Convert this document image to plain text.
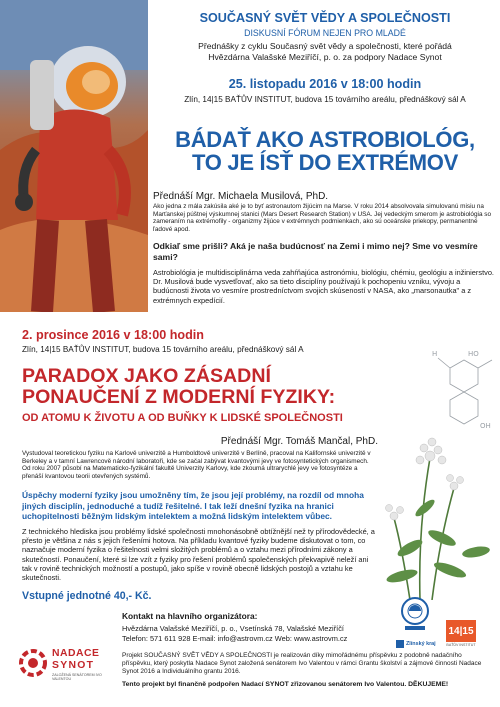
SOUČASNÝ SVĚT VĚDY A SPOLEČNOSTI
DISKUSNÍ FÓRUM NEJEN PRO MLADÉ
Přednášky z cyklu Současný svět vědy a společnosti, které pořádá
Hvězdárna Valašské Meziříčí, p. o. za podpory Nadace Synot
25. listopadu 2016 v 18:00 hodin
Zlín, 14|15 BAŤŮV INSTITUT, budova 15 továrního areálu, přednáškový sál A
BÁDAŤ AKO ASTROBIOLÓG,
TO JE ÍSŤ DO EXTRÉMOV
Přednáší Mgr. Michaela Musilová, PhD.

Ako jedna z mála zakúsila aké je to byť astronautom žijúcim na Marse. V roku 2014 absolvovala simulovanú misiu na Marťanskej púštnej výskumnej stanici (Mars Desert Research Station) v USA. Jej vedeckým smerom je astrobiológia so zameraním na extrémofily - organizmy žijúce v extrémnych podmienkach, ako sú oceánske priekopy, permanentné ľadové apod.

Odkiaľ sme prišli? Aká je naša budúcnosť na Zemi i mimo nej? Sme vo vesmíre sami?

Astrobiológia je multidisciplinárna veda zahŕňajúca astronómiu, biológiu, chémiu, geológiu a inžinierstvo. Dr. Musilová bude vysvetľovať, ako sa tieto disciplíny používajú k pochopeniu vzniku, vývoju a budúcnosti života vo vesmíre prostredníctvom svojich skúseností v NASA, ako „marsonautka" a z extrémnych expedícií.

HO
H
OH
2. prosince 2016 v 18:00 hodin
Zlín, 14|15 BAŤŮV INSTITUT, budova 15 továrního areálu, přednáškový sál A
PARADOX JAKO ZÁSADNÍ
PONAUČENÍ Z MODERNÍ FYZIKY:
OD ATOMU K ŽIVOTU A OD BUŇKY K LIDSKÉ SPOLEČNOSTI
Přednáší Mgr. Tomáš Mančal, PhD.

Vystudoval teoretickou fyziku na Karlově univerzitě a Humboldtově univerzitě v Berlíně, pracoval na Kalifornské univerzitě v Berkeley a v tamní Lawrencově národní laboratoři, kde se začal zabývat kvantovými jevy ve fotosyntetických organismech. Od roku 2007 působí na Matematicko-fyzikální fakultě Univerzity Karlovy, kde zkoumá ultrarychlé jevy ve fotosyntéze a přenáší kvantovou teorii otevřených systémů.

Úspěchy moderní fyziky jsou umožněny tím, že jsou její problémy, na rozdíl od mnoha jiných disciplín, jednoduché a tudíž řešitelné. I tak leží dnešní fyzika na hranici uchopitelnosti běžným lidským intelektem a možná lidským intelektem vůbec.

Z technického hlediska jsou problémy lidské společnosti mnohonásobně obtížnější než ty přírodovědecké, a přesto je většina z nás s jejich řešeními hotova. Na příkladu kvantové fyziky budeme diskutovat o tom, co naznačuje moderní fyzika o řešitelnosti velmi složitých problémů a o vztahu mezi přírodními zákony a skutečností. Ponaučení, které si lze vzít z fyziky pro řešení problémů společenských překvapivě neleží ani tak v rovině technických možností a postupů, jako spíše v rovině obecně lidských postojů a vztahu ke skutečnosti.

Vstupné jednotné 40,- Kč.
Kontakt na hlavního organizátora:
Hvězdárna Valašské Meziříčí, p. o., Vsetínská 78, Valašské Meziříčí
Telefon: 571 611 928 E-mail: info@astrovm.cz Web: www.astrovm.cz
NADACE
SYNOT
ZALOŽENÁ SENÁTOREM IVO VALENTOU
Zlínský kraj
14|15
BAŤŮV INSTITUT

Projekt SOUČASNÝ SVĚT VĚDY A SPOLEČNOSTI je realizován díky mimořádnému příspěvku z podobně nadačního příspěvku, který poskytla Nadace Synot založená senátorem Ivo Valentou v rámci Grantu školství a zájmové činnosti Nadace Synot 2016 a Individuálního grantu 2016.

Tento projekt byl finančně podpořen Nadací SYNOT zřizovanou senátorem Ivo Valentou. DĚKUJEME!
